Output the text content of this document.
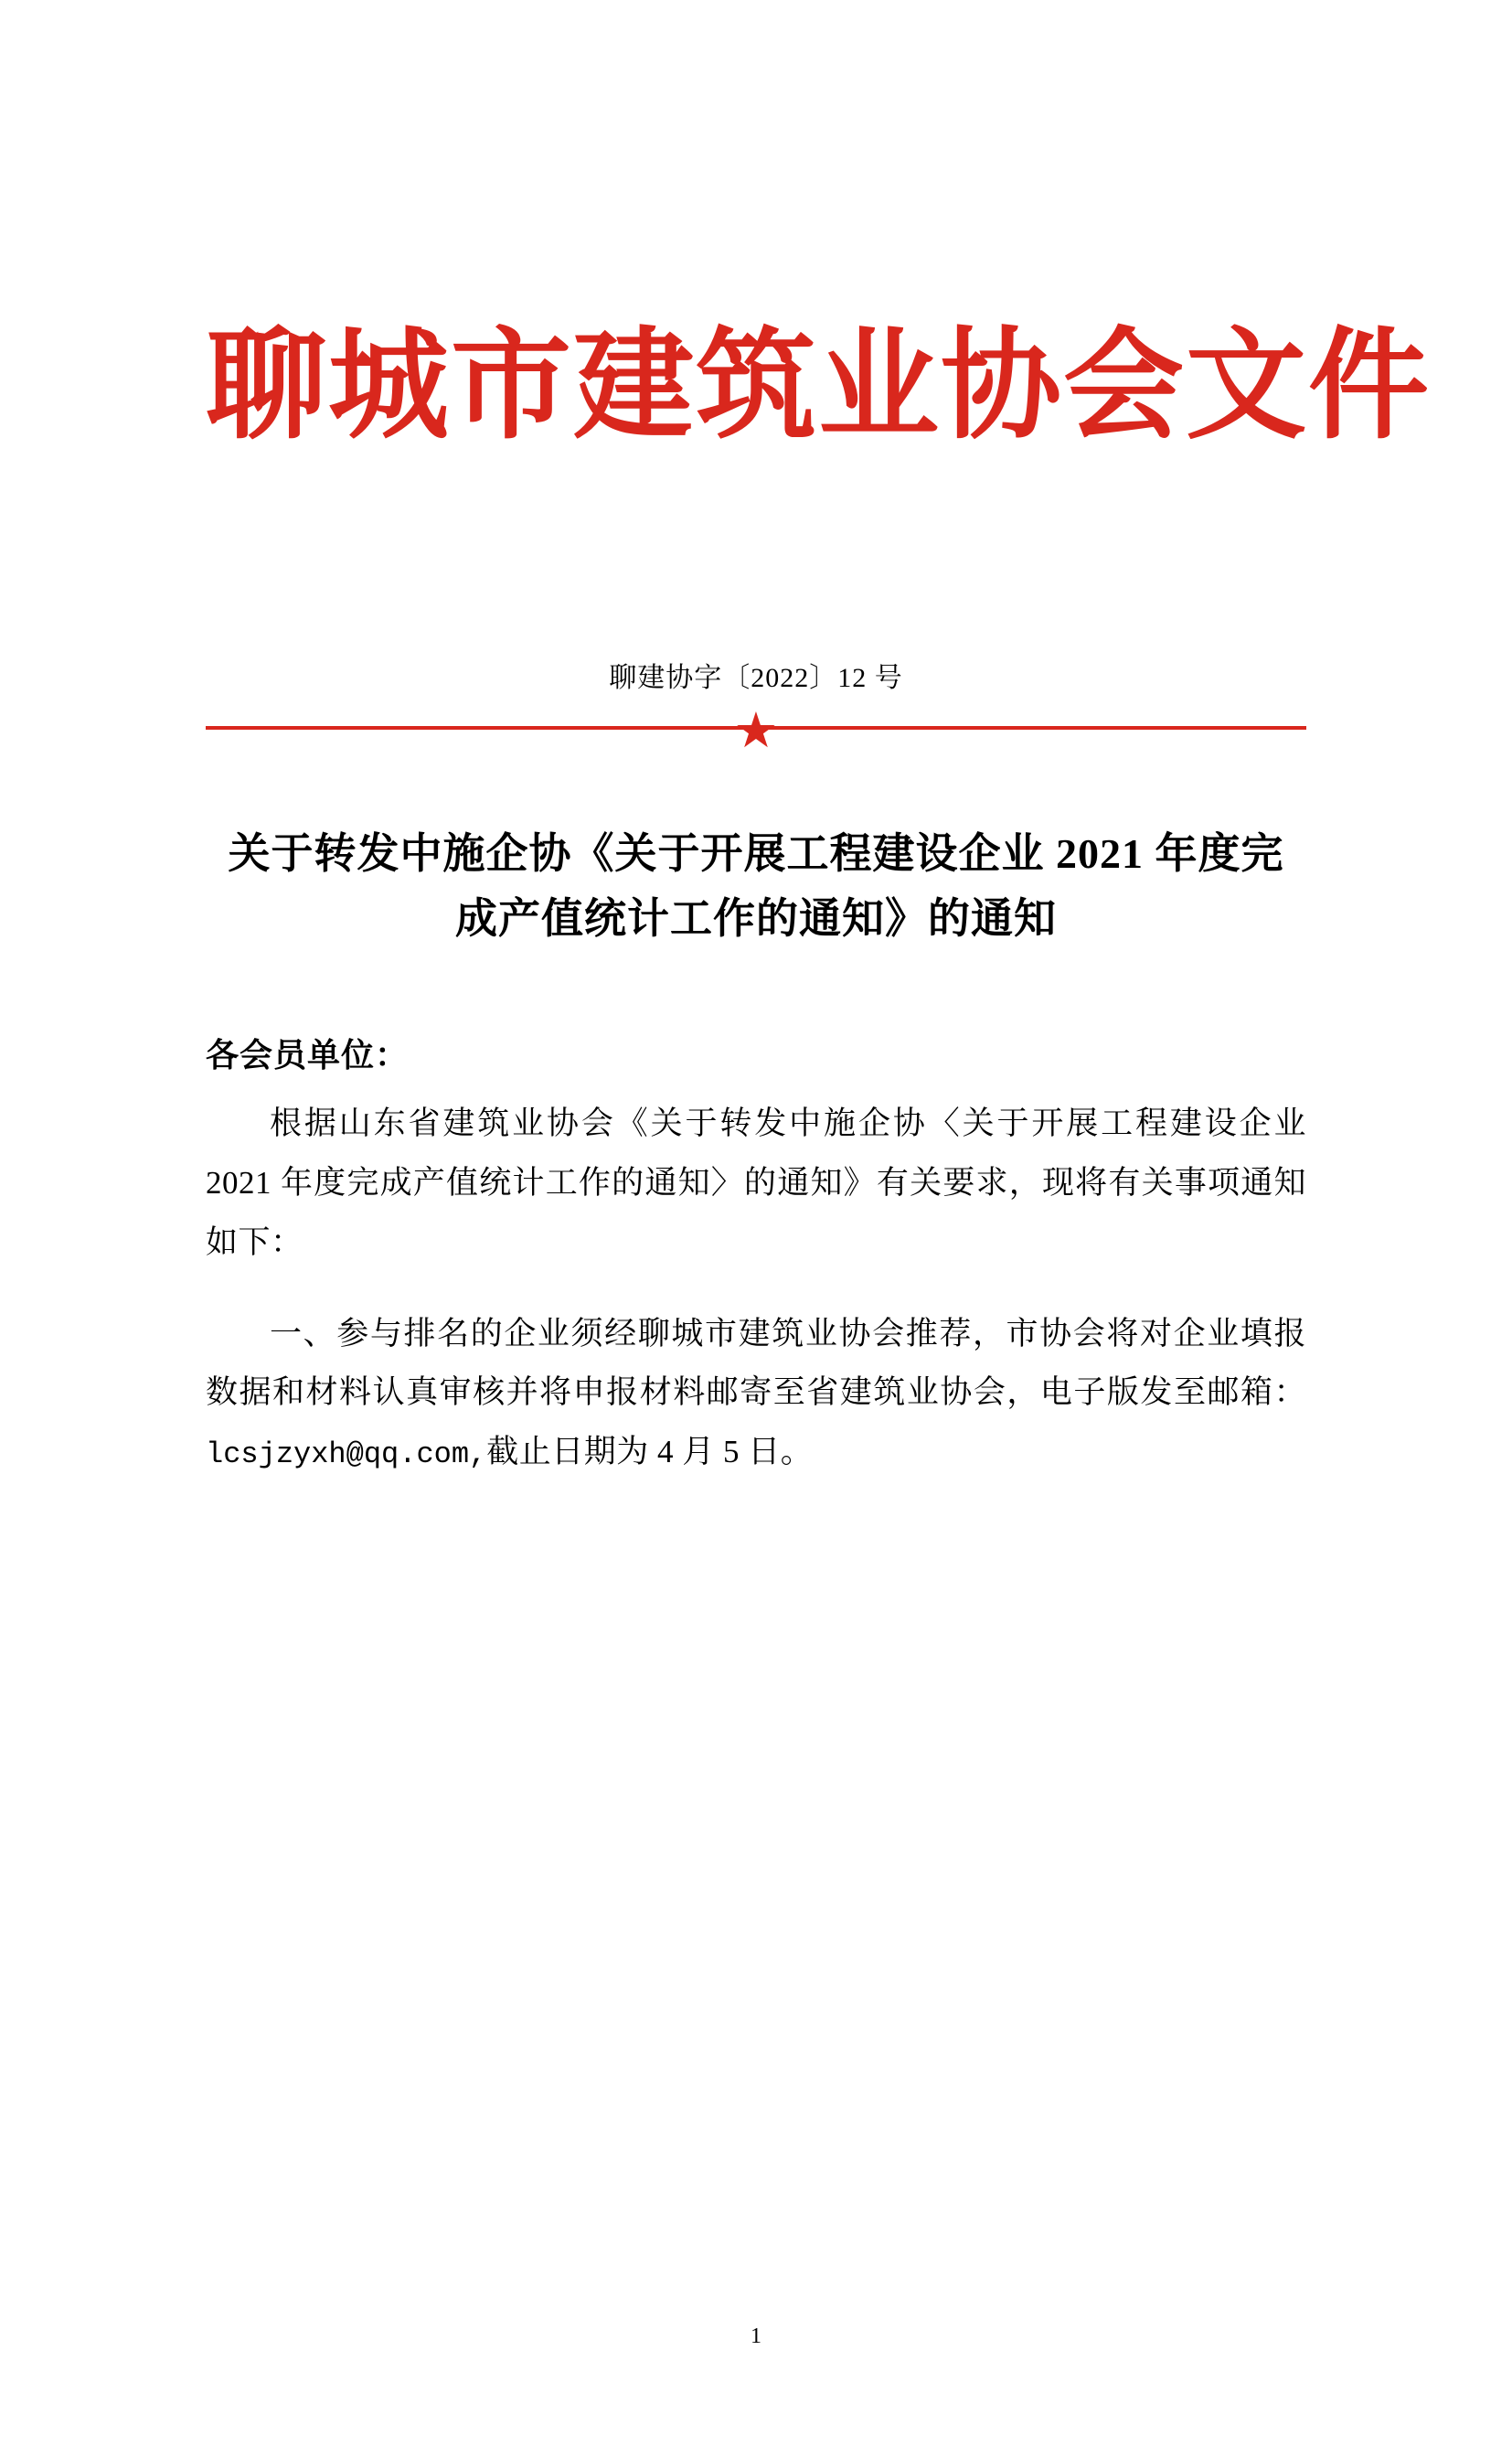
聊城市建筑业协会文件
聊建协字〔2022〕12 号
★
关于转发中施企协《关于开展工程建设企业 2021 年度完成产值统计工作的通知》的通知
各会员单位：

根据山东省建筑业协会《关于转发中施企协〈关于开展工程建设企业 2021 年度完成产值统计工作的通知〉的通知》有关要求，现将有关事项通知如下：

一、参与排名的企业须经聊城市建筑业协会推荐，市协会将对企业填报数据和材料认真审核并将申报材料邮寄至省建筑业协会，电子版发至邮箱：lcsjzyxh@qq.com,截止日期为 4 月 5 日。

1
